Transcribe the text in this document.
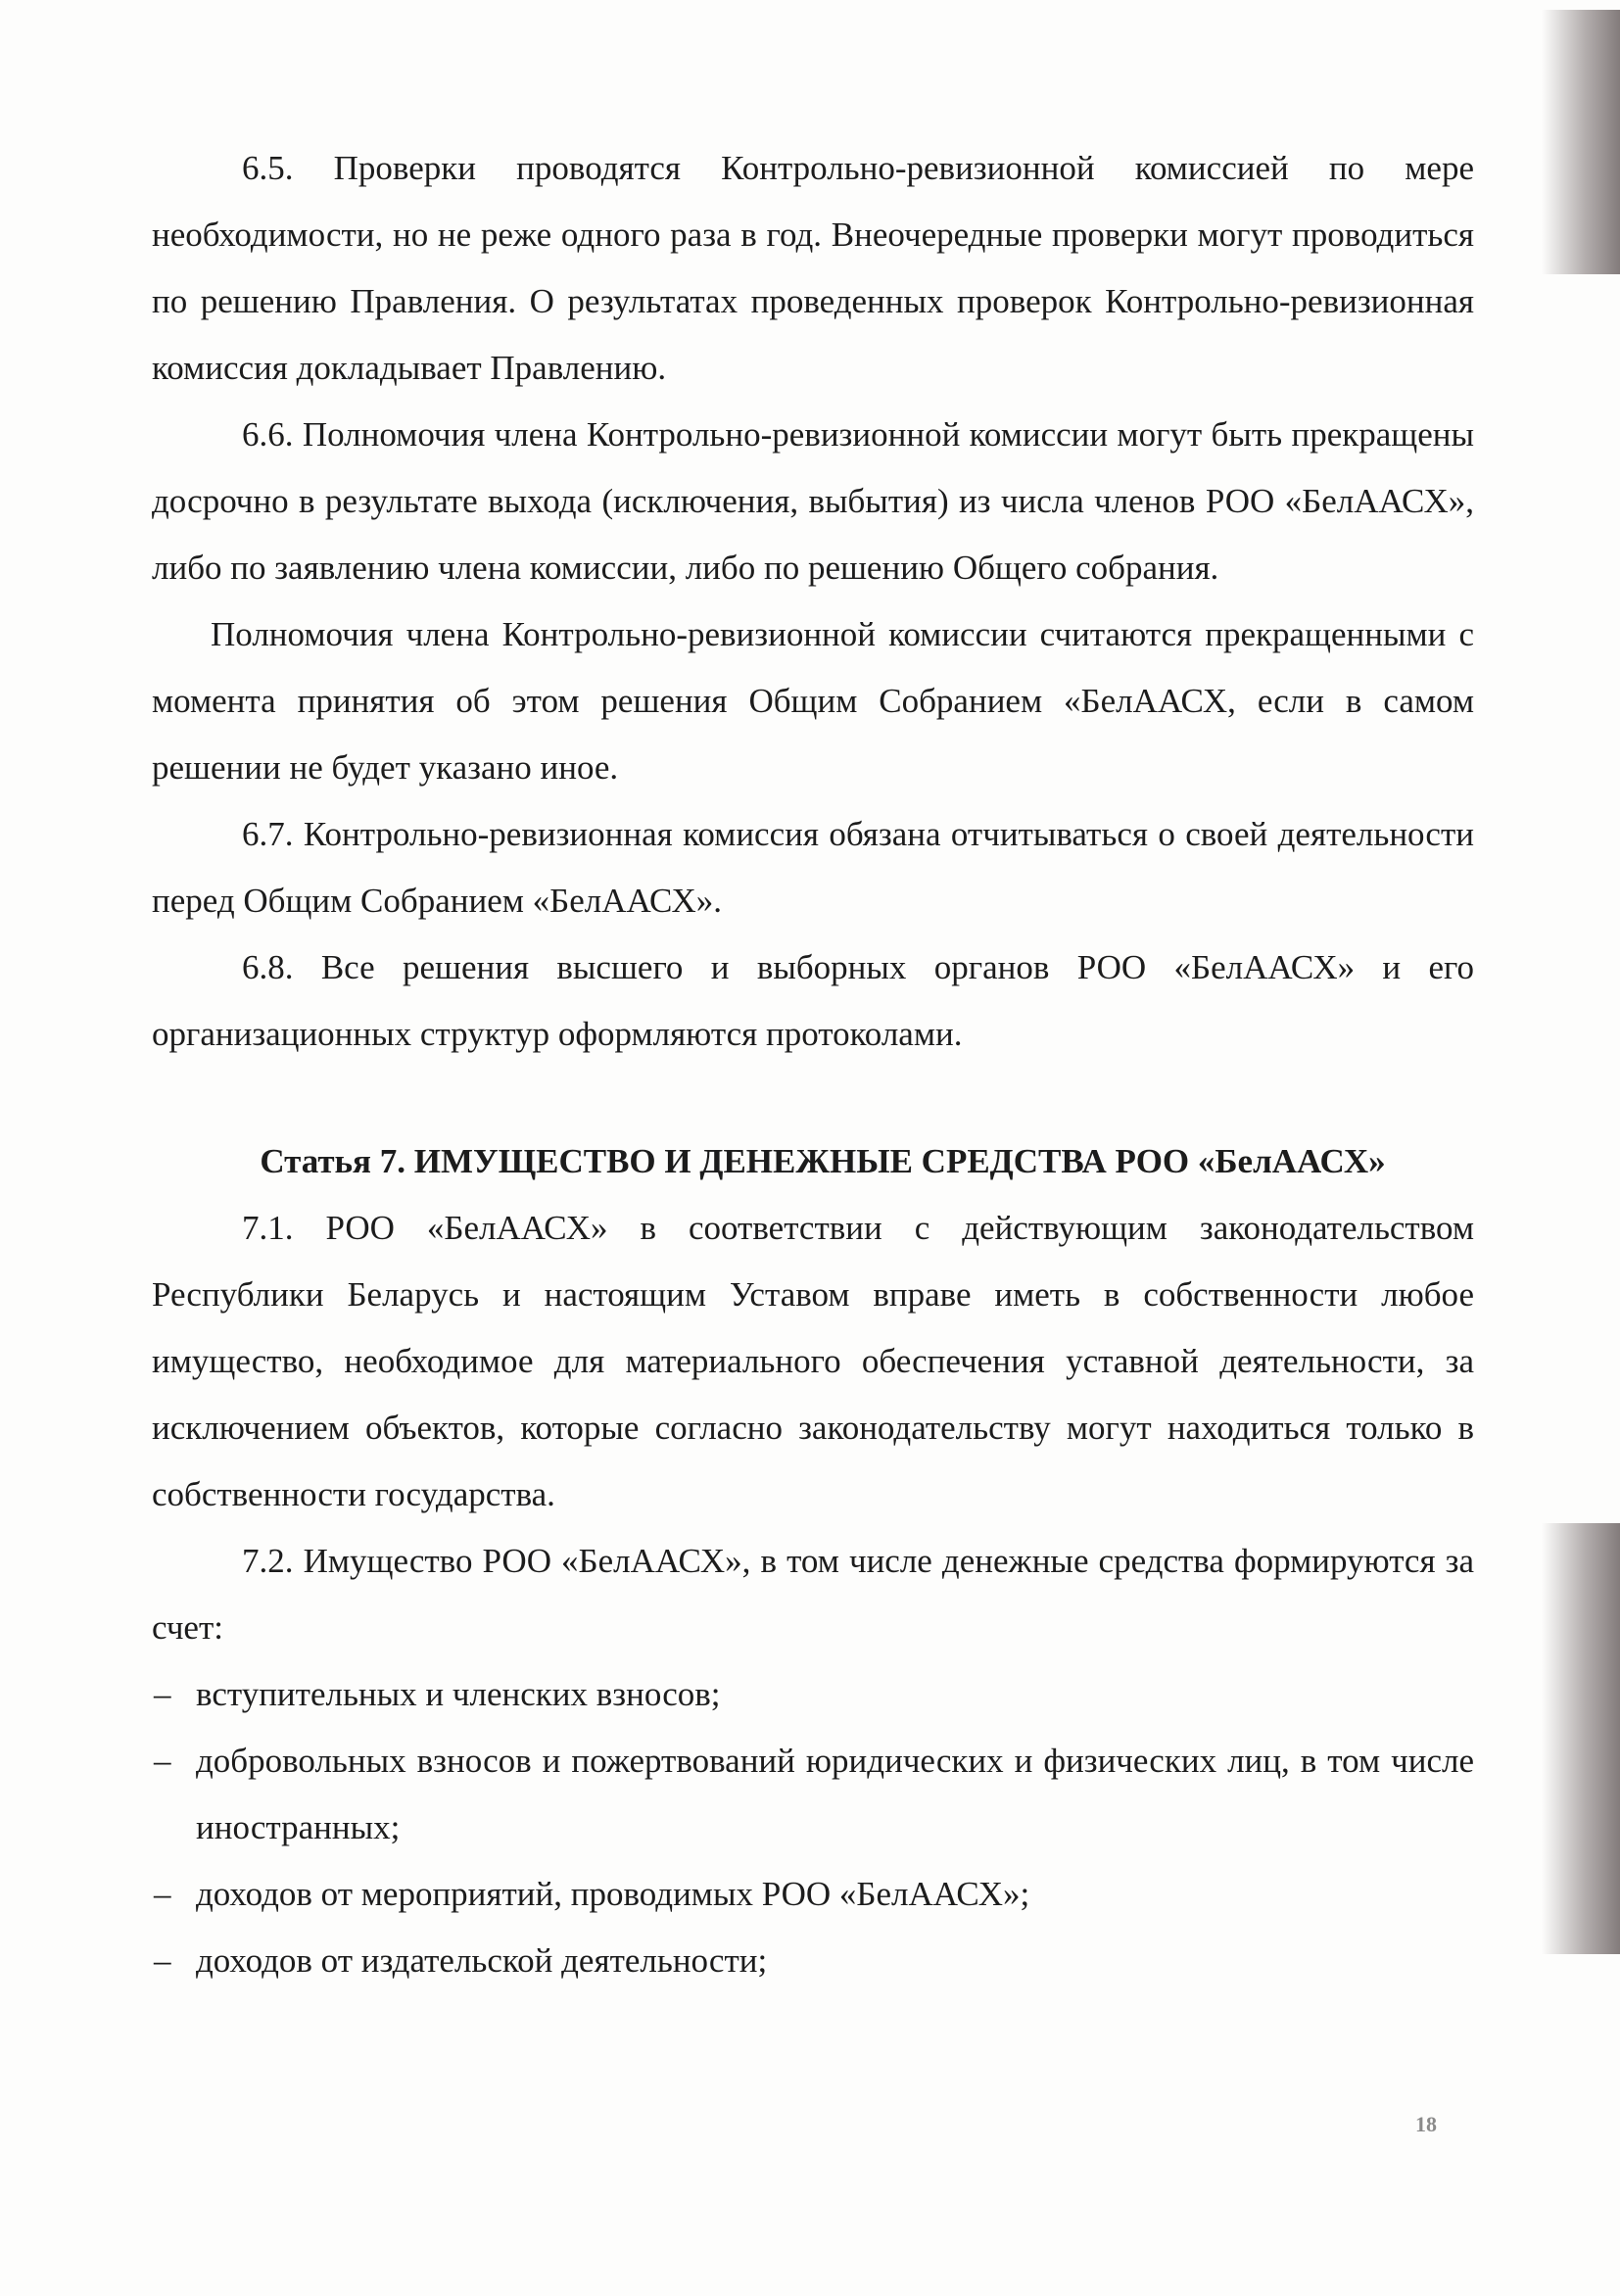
6.5. Проверки проводятся Контрольно-ревизионной комиссией по мере необходимости, но не реже одного раза в год. Внеочередные проверки могут проводиться по решению Правления. О результатах проведенных проверок Контрольно-ревизионная комиссия докладывает Правлению.

6.6. Полномочия члена Контрольно-ревизионной комиссии могут быть прекращены досрочно в результате выхода (исключения, выбытия) из числа членов РОО «БелААСХ», либо по заявлению члена комиссии, либо по решению Общего собрания.

Полномочия члена Контрольно-ревизионной комиссии считаются прекращенными с момента принятия об этом решения Общим Собранием «БелААСХ, если в самом решении не будет указано иное.

6.7. Контрольно-ревизионная комиссия обязана отчитываться о своей деятельности перед Общим Собранием «БелААСХ».

6.8. Все решения высшего и выборных органов РОО «БелААСХ» и его организационных структур оформляются протоколами.

Статья 7. ИМУЩЕСТВО И ДЕНЕЖНЫЕ СРЕДСТВА РОО «БелААСХ»

7.1. РОО «БелААСХ» в соответствии с действующим законодательством Республики Беларусь и настоящим Уставом вправе иметь в собственности любое имущество, необходимое для материального обеспечения уставной деятельности, за исключением объектов, которые согласно законодательству могут находиться только в собственности государства.

7.2. Имущество РОО «БелААСХ», в том числе денежные средства формируются за счет:

– вступительных и членских взносов;
– добровольных взносов и пожертвований юридических и физических лиц, в том числе иностранных;
– доходов от мероприятий, проводимых РОО «БелААСХ»;
– доходов от издательской деятельности;
18
